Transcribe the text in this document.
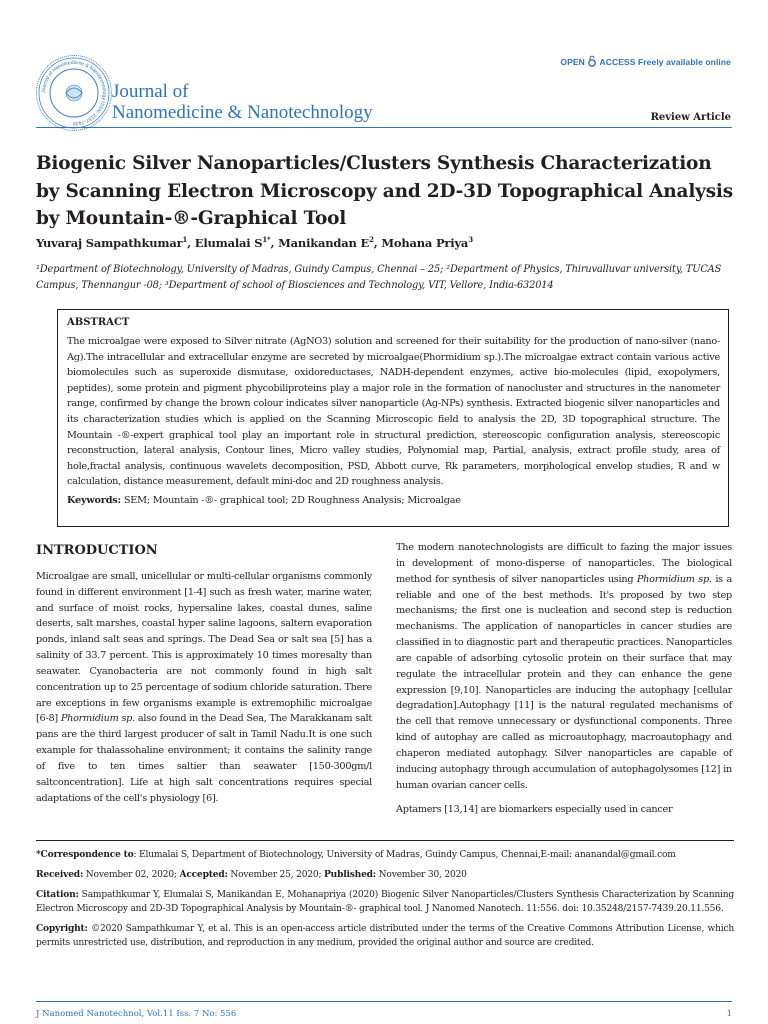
Journal of Nanomedicine & Nanotechnology ISSN: 2157-7439
Journal of
Nanomedicine & Nanotechnology
OPEN ACCESS Freely available online
Review Article
Biogenic Silver Nanoparticles/Clusters Synthesis Characterization by Scanning Electron Microscopy and 2D-3D Topographical Analysis by Mountain-®-Graphical Tool
Yuvaraj Sampathkumar$^1$, Elumalai $S^{1*}$, Manikandan $E^2$, Mohana Priya$^3$
¹Department of Biotechnology, University of Madras, Guindy Campus, Chennai – 25; ²Department of Physics, Thiruvalluvar university, TUCAS Campus, Thennangur -08; ³Department of school of Biosciences and Technology, VIT, Vellore, India-632014
ABSTRACT
The microalgae were exposed to Silver nitrate (AgNO3) solution and screened for their suitability for the production of nano-silver (nano-Ag).The intracellular and extracellular enzyme are secreted by microalgae(Phormidium sp.).The microalgae extract contain various active biomolecules such as superoxide dismutase, oxidoreductases, NADH-dependent enzymes, active bio-molecules (lipid, exopolymers, peptides), some protein and pigment phycobiliproteins play a major role in the formation of nanocluster and structures in the nanometer range, confirmed by change the brown colour indicates silver nanoparticle (Ag-NPs) synthesis. Extracted biogenic silver nanoparticles and its characterization studies which is applied on the Scanning Microscopic field to analysis the 2D, 3D topographical structure. The Mountain -®-expert graphical tool play an important role in structural prediction, stereoscopic configuration analysis, stereoscopic reconstruction, lateral analysis, Contour lines, Micro valley studies, Polynomial map, Partial, analysis, extract profile study, area of hole,fractal analysis, continuous wavelets decomposition, PSD, Abbott curve, Rk parameters, morphological envelop studies, R and w calculation, distance measurement, default mini-doc and 2D roughness analysis.
Keywords: SEM; Mountain -®- graphical tool; 2D Roughness Analysis; Microalgae
INTRODUCTION

Microalgae are small, unicellular or multi-cellular organisms commonly found in different environment [1-4] such as fresh water, marine water, and surface of moist rocks, hypersaline lakes, coastal dunes, saline deserts, salt marshes, coastal hyper saline lagoons, saltern evaporation ponds, inland salt seas and springs. The Dead Sea or salt sea [5] has a salinity of 33.7 percent. This is approximately 10 times moresalty than seawater. Cyanobacteria are not commonly found in high salt concentration up to 25 percentage of sodium chloride saturation. There are exceptions in few organisms example is extremophilic microalgae [6-8] Phormidium sp. also found in the Dead Sea, The Marakkanam salt pans are the third largest producer of salt in Tamil Nadu.It is one such example for thalassohaline environment; it contains the salinity range of five to ten times saltier than seawater [150-300gm/l saltconcentration]. Life at high salt concentrations requires special adaptations of the cell's physiology [6].

The modern nanotechnologists are difficult to fazing the major issues in development of mono-disperse of nanoparticles. The biological method for synthesis of silver nanoparticles using Phormidium sp. is a reliable and one of the best methods. It's proposed by two step mechanisms; the first one is nucleation and second step is reduction mechanisms. The application of nanoparticles in cancer studies are classified in to diagnostic part and therapeutic practices. Nanoparticles are capable of adsorbing cytosolic protein on their surface that may regulate the intracellular protein and they can enhance the gene expression [9,10]. Nanoparticles are inducing the autophagy [cellular degradation].Autophagy [11] is the natural regulated mechanisms of the cell that remove unnecessary or dysfunctional components. Three kind of autophay are called as microautophagy, macroautophagy and chaperon mediated autophagy. Silver nanoparticles are capable of inducing autophagy through accumulation of autophagolysomes [12] in human ovarian cancer cells.

Aptamers [13,14] are biomarkers especially used in cancer

*Correspondence to: Elumalai S, Department of Biotechnology, University of Madras, Guindy Campus, Chennai,E-mail: ananandal@gmail.com

Received: November 02, 2020; Accepted: November 25, 2020; Published: November 30, 2020

Citation: Sampathkumar Y, Elumalai S, Manikandan E, Mohanapriya (2020) Biogenic Silver Nanoparticles/Clusters Synthesis Characterization by Scanning Electron Microscopy and 2D-3D Topographical Analysis by Mountain-®- graphical tool. J Nanomed Nanotech. 11:556. doi: 10.35248/2157-7439.20.11.556.

Copyright: ©2020 Sampathkumar Y, et al. This is an open-access article distributed under the terms of the Creative Commons Attribution License, which permits unrestricted use, distribution, and reproduction in any medium, provided the original author and source are credited.

J Nanomed Nanotechnol, Vol.11 Iss. 7 No: 556	1
